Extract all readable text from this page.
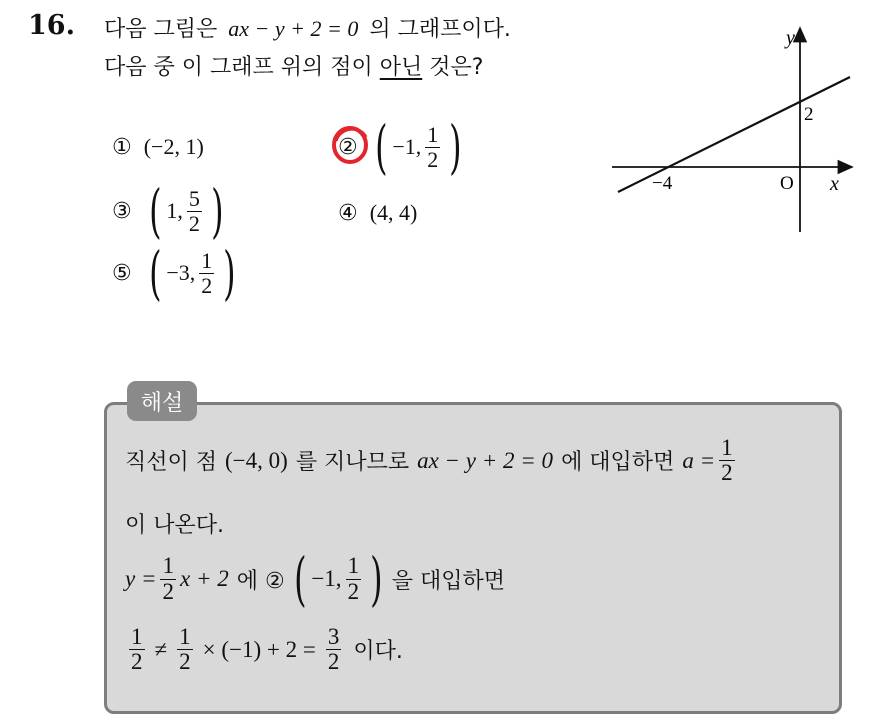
16. 다음 그림은 ax − y + 2 = 0 의 그래프이다.
다음 중 이 그래프 위의 점이 아닌 것은?
① (−2, 1)	② ( −1, $\frac{1}{2}$ )
③ ( 1, $\frac{5}{2}$ )	④ (4, 4)
⑤ ( −3, $\frac{1}{2}$ )
y
x
O
−4
2
해설
직선이 점 (−4, 0) 를 지나므로 ax − y + 2 = 0 에 대입하면 $a = \frac{1}{2}$
이 나온다.
$y = \frac{1}{2}$ x + 2 에 ② ( −1, $\frac{1}{2}$ ) 을 대입하면
$\frac{1}{2} \ne \frac{1}{2} \times (-1) + 2 = \frac{3}{2}$ 이다.
